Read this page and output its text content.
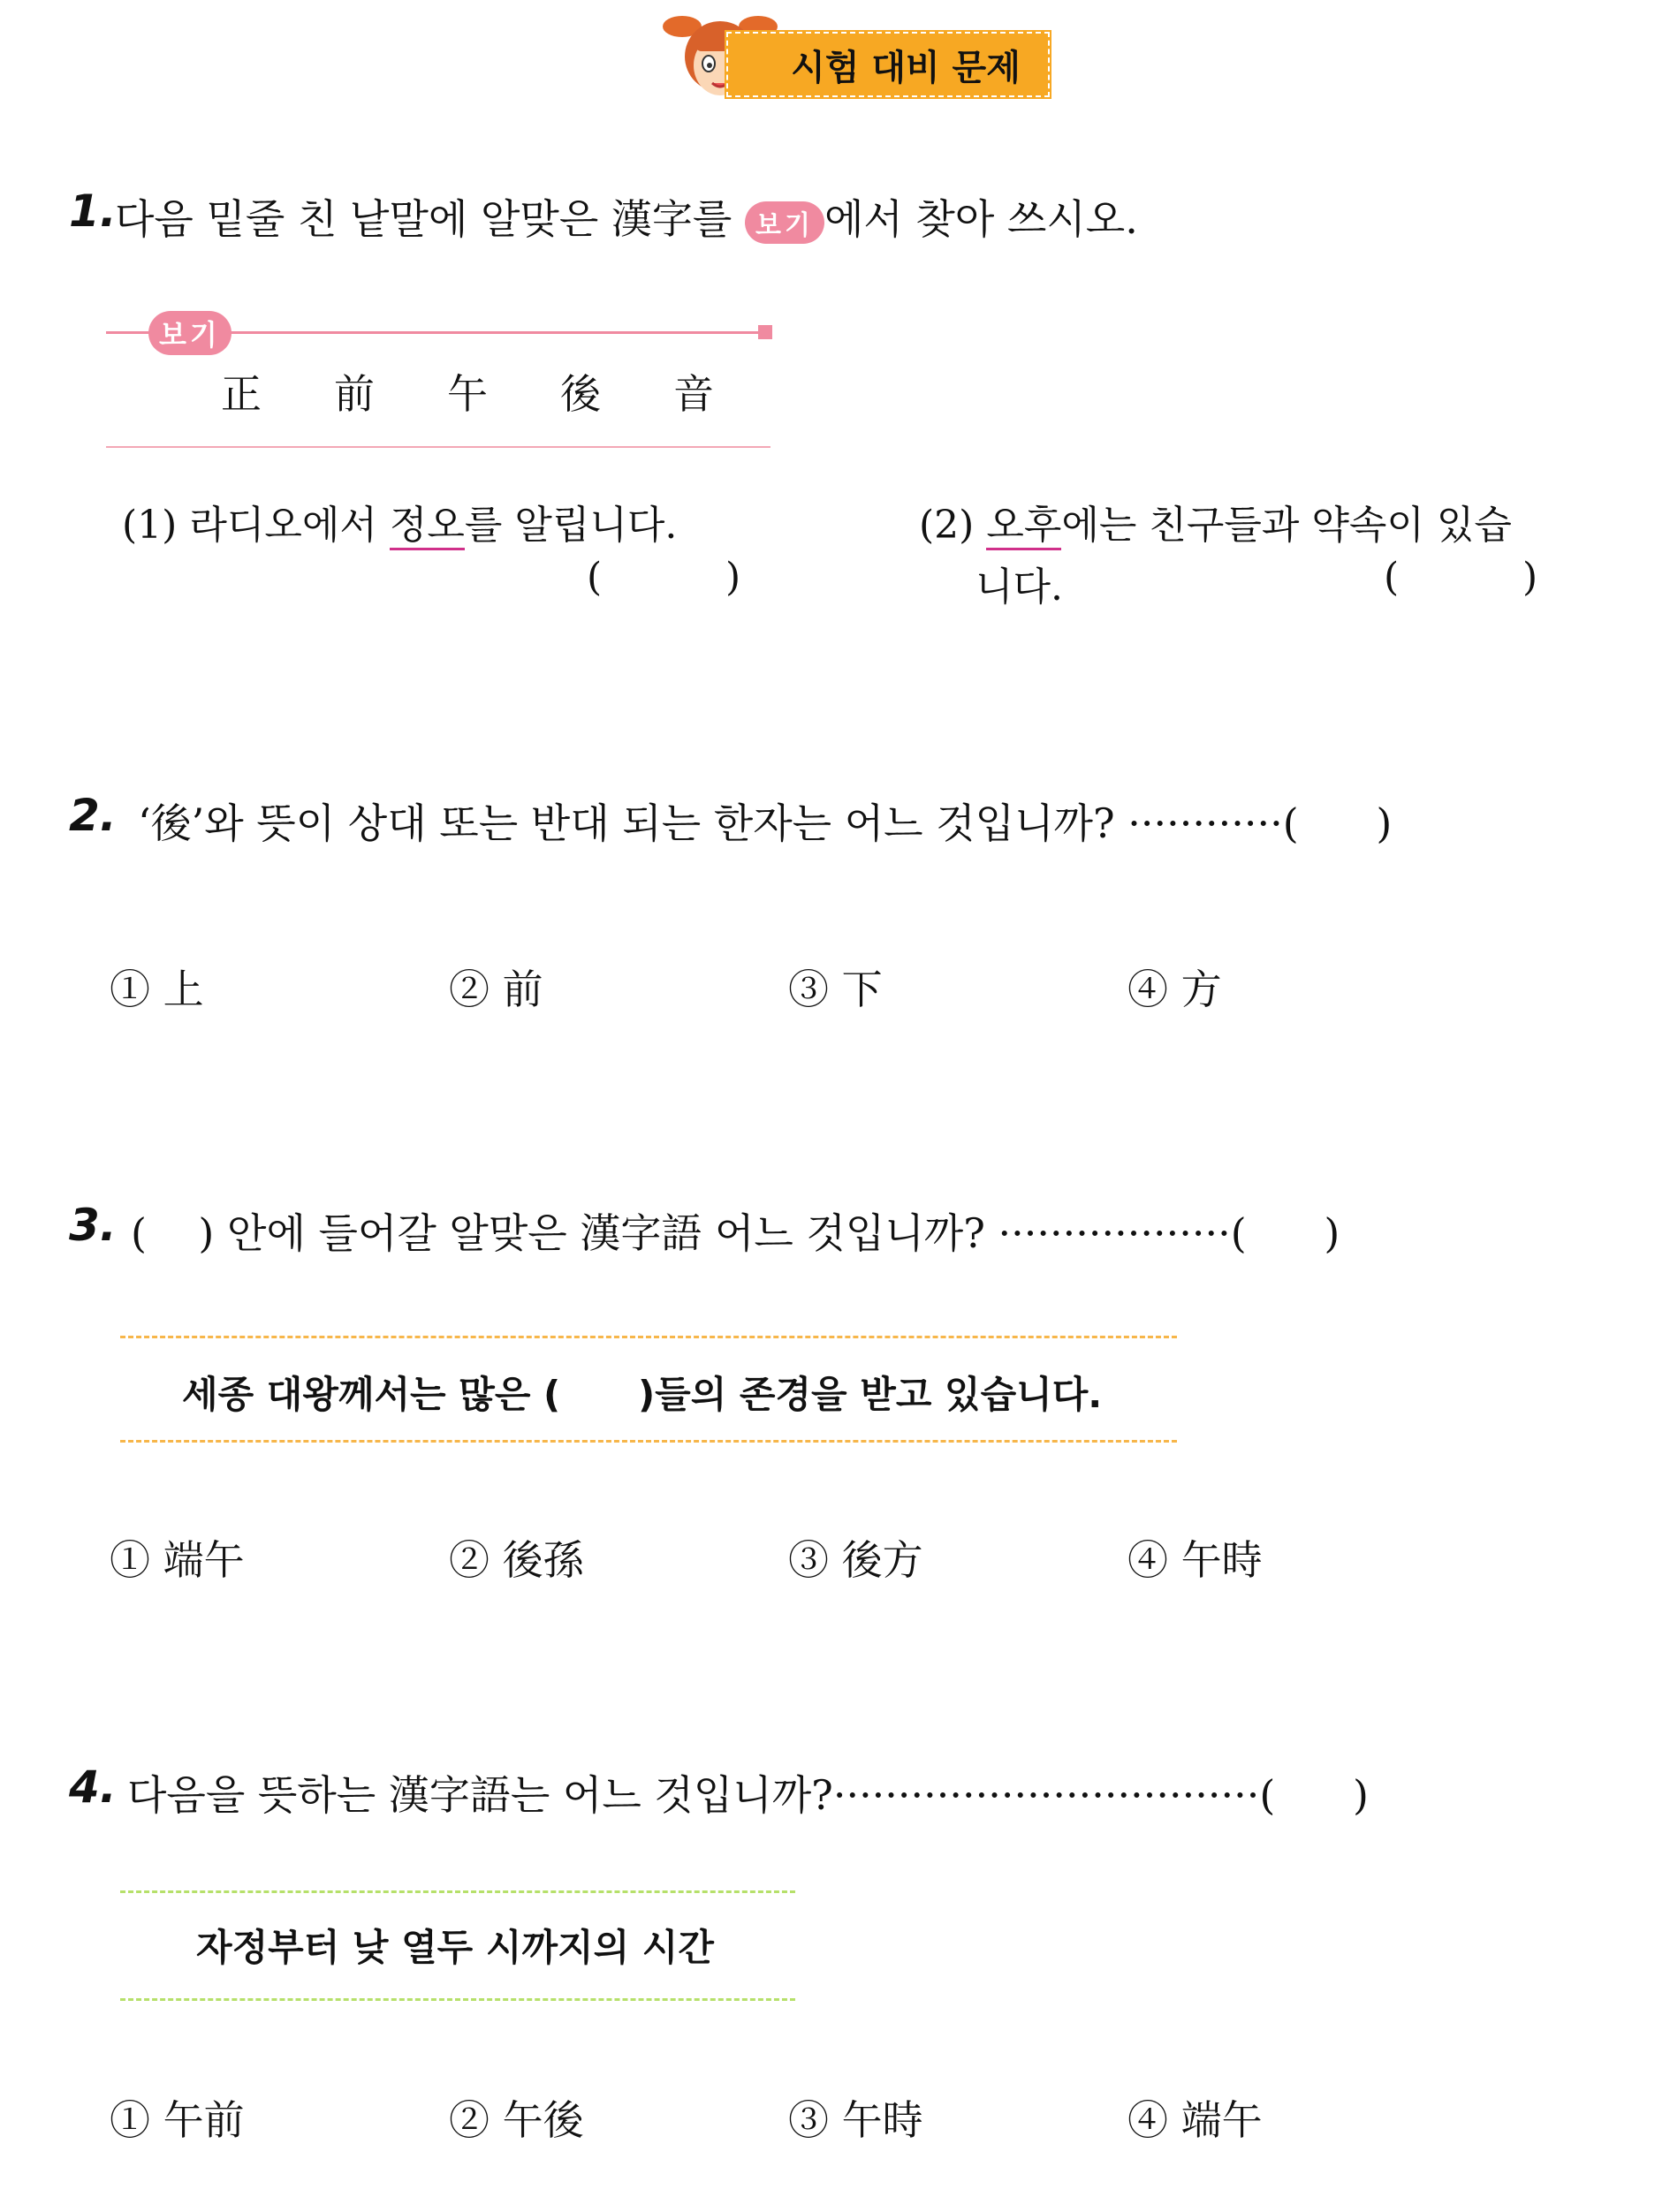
시험 대비 문제
1.
다음 밑줄 친 낱말에 알맞은 漢字를 보기 에서 찾아 쓰시오.
보기
正 前 午 後 音
(1) 라디오에서 정오를 알립니다.
(          )
(2) 오후에는 친구들과 약속이 있습
니다.	(          )
2. ‘後’와 뜻이 상대 또는 반대 되는 한자는 어느 것입니까? ············(      )
① 上	② 前	③ 下	④ 方
3. (    ) 안에 들어갈 알맞은 漢字語 어느 것입니까? ··················(      )
세종 대왕께서는 많은 (      )들의 존경을 받고 있습니다.
① 端午	② 後孫	③ 後方	④ 午時
4. 다음을 뜻하는 漢字語는 어느 것입니까?·································(      )
자정부터 낮 열두 시까지의 시간
① 午前	② 午後	③ 午時	④ 端午
